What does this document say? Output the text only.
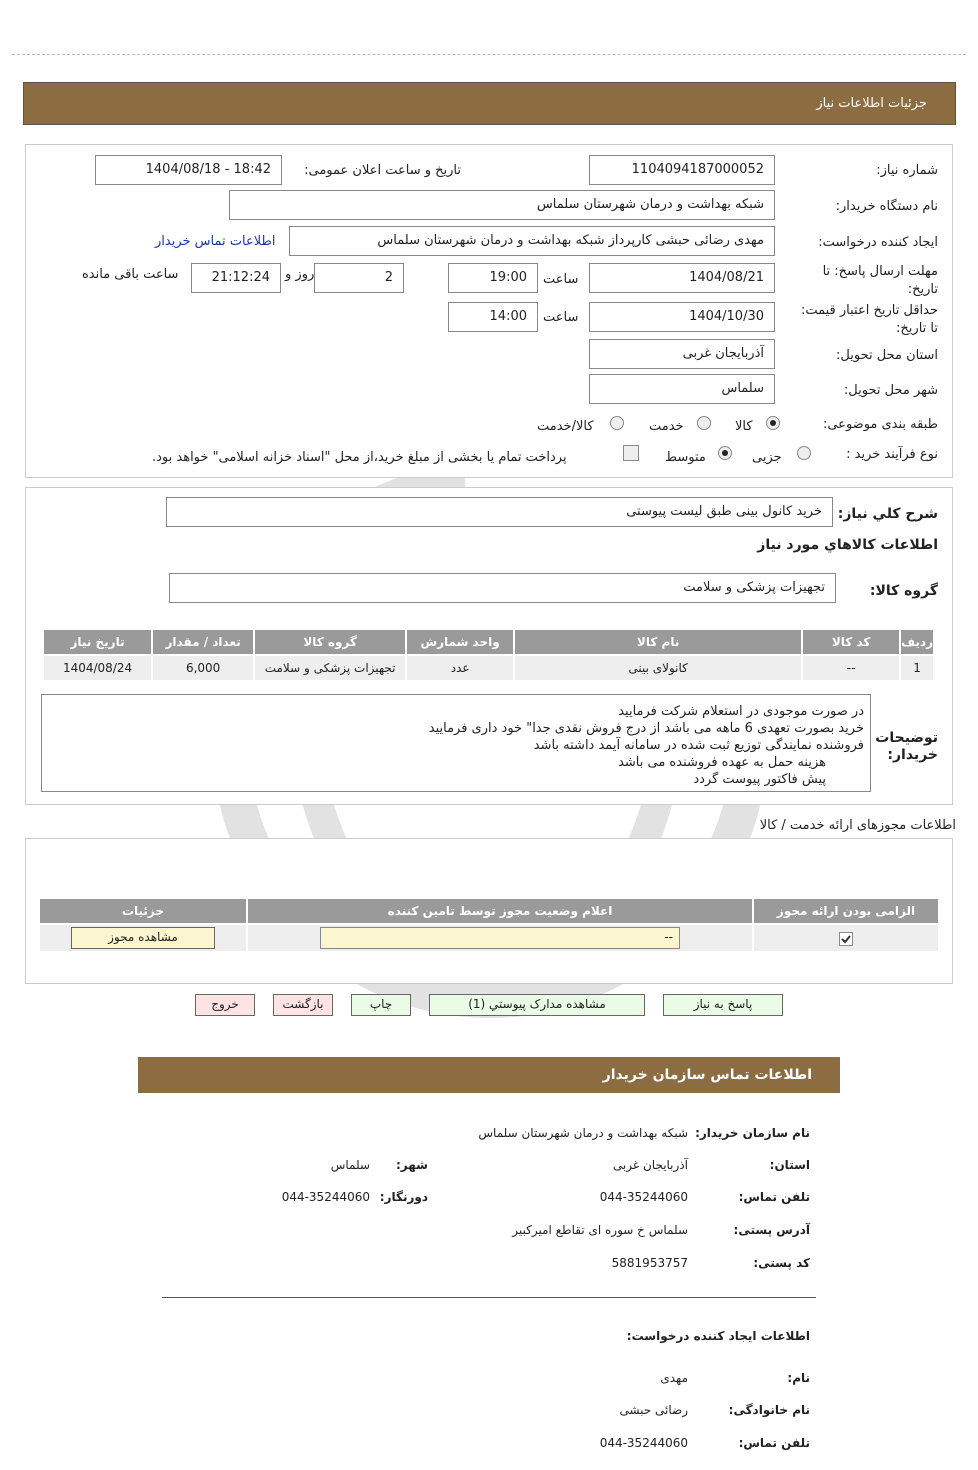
جزئیات اطلاعات نیاز
شماره نیاز:
1104094187000052
تاریخ و ساعت اعلان عمومی:
1404/08/18 - 18:42
نام دستگاه خریدار:
شبکه بهداشت و درمان شهرستان سلماس
ایجاد کننده درخواست:
مهدی رضائی حبشی کارپرداز شبکه بهداشت و درمان شهرستان سلماس
اطلاعات تماس خریدار
مهلت ارسال پاسخ: تا
تاریخ:
1404/08/21
ساعت
19:00
2
روز و
21:12:24
ساعت باقی مانده
حداقل تاریخ اعتبار قیمت:
تا تاریخ:
1404/10/30
ساعت
14:00
استان محل تحویل:
آذربایجان غربی
شهر محل تحویل:
سلماس
طبقه بندی موضوعی:
کالا
خدمت
کالا/خدمت
نوع فرآیند خرید :
جزیی
متوسط
پرداخت تمام یا بخشی از مبلغ خرید،از محل "اسناد خزانه اسلامی" خواهد بود.
شرح کلي نياز:
خرید کانول بینی طبق لیست پیوستی
اطلاعات کالاهاي مورد نياز
گروه کالا:
تجهیزات پزشکی و سلامت
رديف	کد کالا	نام کالا	واحد شمارش	گروه کالا	تعداد / مقدار	تاریخ نیاز
1	--	کانولای بینی	عدد	تجهیزات پزشکی و سلامت	6,000	1404/08/24
توضیحات
خریدار:
در صورت موجودی در استعلام شرکت فرمایید
خرید بصورت تعهدی 6 ماهه می باشد از درج فروش نقدی جدا" خود داری فرمایید
فروشنده نمایندگی توزیع ثبت شده در سامانه آیمد داشته باشد
هزینه حمل به عهده فروشنده می باشد
پیش فاکتور پیوست گردد
اطلاعات مجوزهای ارائه خدمت / کالا
الزامی بودن ارائه مجوز	اعلام وضعیت مجوز توسط تامین کننده	جزئیات

	--	مشاهده مجوز
پاسخ به نیاز
مشاهده مدارک پیوستي (1)
چاپ
بازگشت
خروج
اطلاعات تماس سازمان خریدار
نام سازمان خریدار:
شبکه بهداشت و درمان شهرستان سلماس
استان:
آذربایجان غربی
شهر:
سلماس
تلفن تماس:
044-35244060
دورنگار:
044-35244060
آدرس پستی:
سلماس خ سوره ای تقاطع امیرکبیر
کد پستی:
5881953757
اطلاعات ایجاد کننده درخواست:
نام:
مهدی
نام خانوادگی:
رضائی حبشی
تلفن تماس:
044-35244060
